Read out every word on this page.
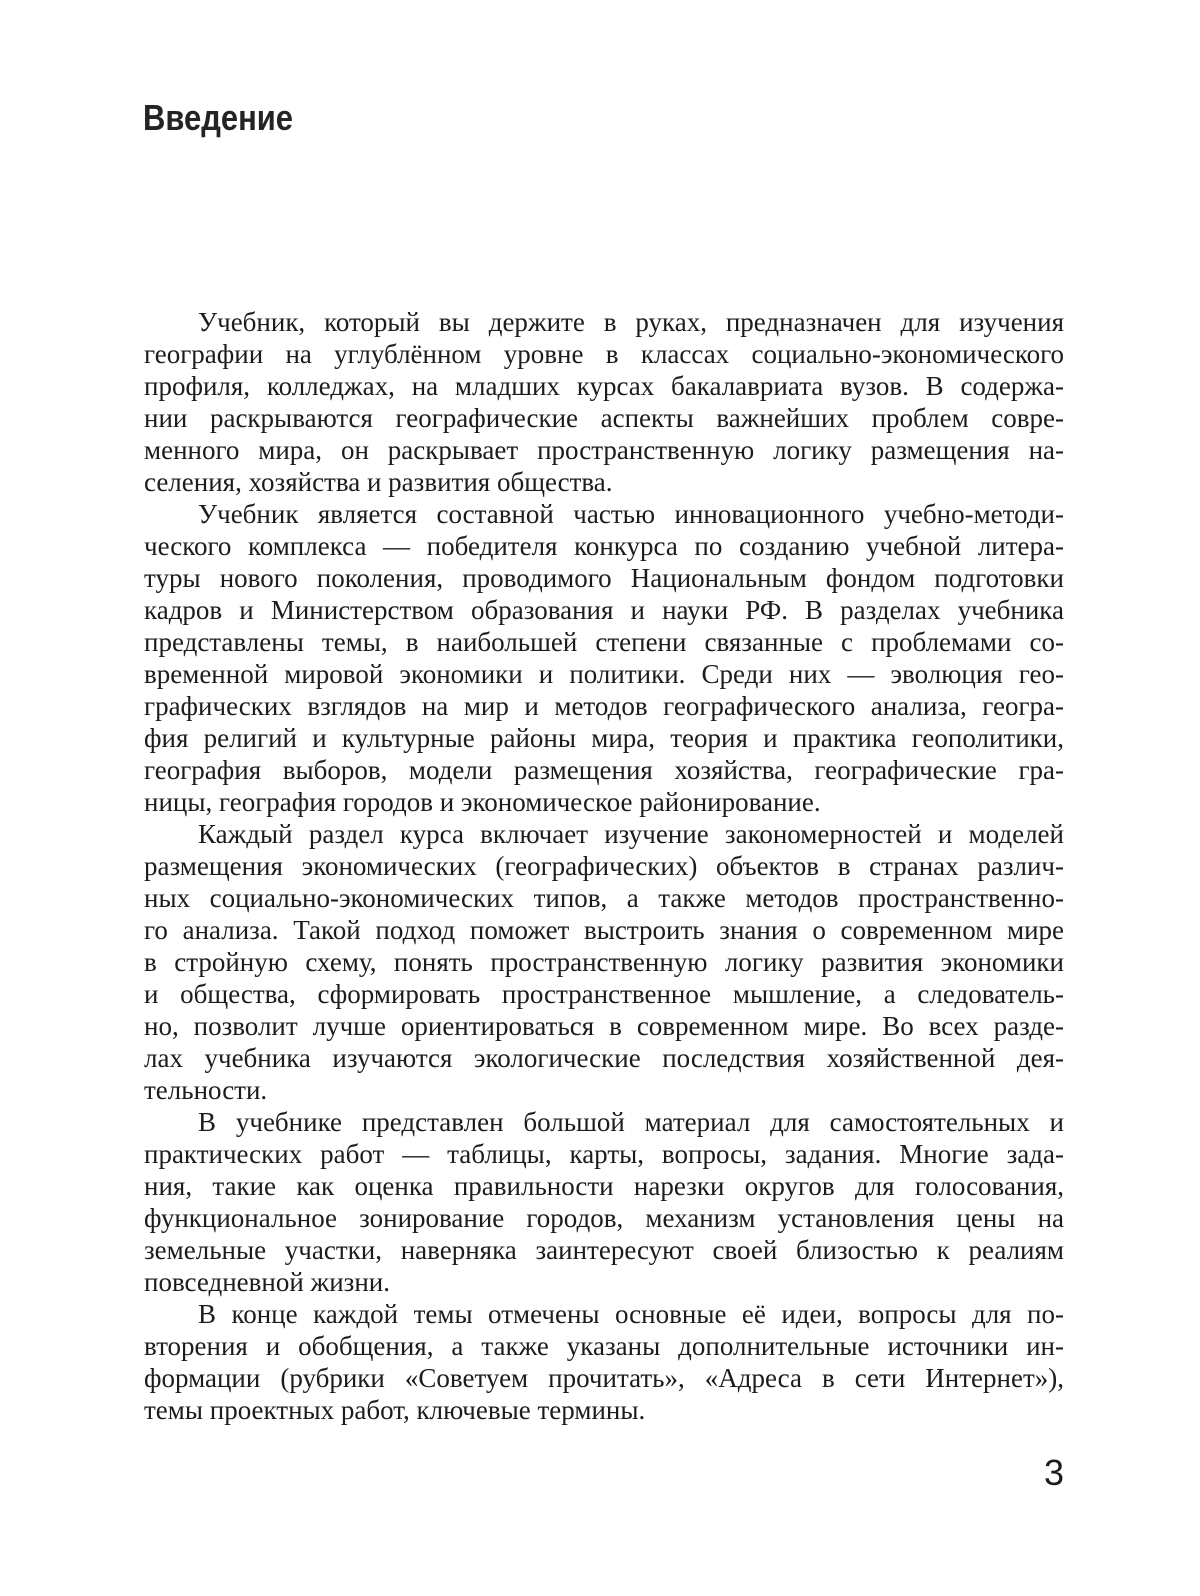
Введение
Учебник, который вы держите в руках, предназначен для изучения
географии на углублённом уровне в классах социально-экономического
профиля, колледжах, на младших курсах бакалавриата вузов. В содержа-
нии раскрываются географические аспекты важнейших проблем совре-
менного мира, он раскрывает пространственную логику размещения на-
селения, хозяйства и развития общества.
Учебник является составной частью инновационного учебно-методи-
ческого комплекса — победителя конкурса по созданию учебной литера-
туры нового поколения, проводимого Национальным фондом подготовки
кадров и Министерством образования и науки РФ. В разделах учебника
представлены темы, в наибольшей степени связанные с проблемами со-
временной мировой экономики и политики. Среди них — эволюция гео-
графических взглядов на мир и методов географического анализа, геогра-
фия религий и культурные районы мира, теория и практика геополитики,
география выборов, модели размещения хозяйства, географические гра-
ницы, география городов и экономическое районирование.
Каждый раздел курса включает изучение закономерностей и моделей
размещения экономических (географических) объектов в странах различ-
ных социально-экономических типов, а также методов пространственно-
го анализа. Такой подход поможет выстроить знания о современном мире
в стройную схему, понять пространственную логику развития экономики
и общества, сформировать пространственное мышление, а следователь-
но, позволит лучше ориентироваться в современном мире. Во всех разде-
лах учебника изучаются экологические последствия хозяйственной дея-
тельности.
В учебнике представлен большой материал для самостоятельных и
практических работ — таблицы, карты, вопросы, задания. Многие зада-
ния, такие как оценка правильности нарезки округов для голосования,
функциональное зонирование городов, механизм установления цены на
земельные участки, наверняка заинтересуют своей близостью к реалиям
повседневной жизни.
В конце каждой темы отмечены основные её идеи, вопросы для по-
вторения и обобщения, а также указаны дополнительные источники ин-
формации (рубрики «Советуем прочитать», «Адреса в сети Интернет»),
темы проектных работ, ключевые термины.
3
